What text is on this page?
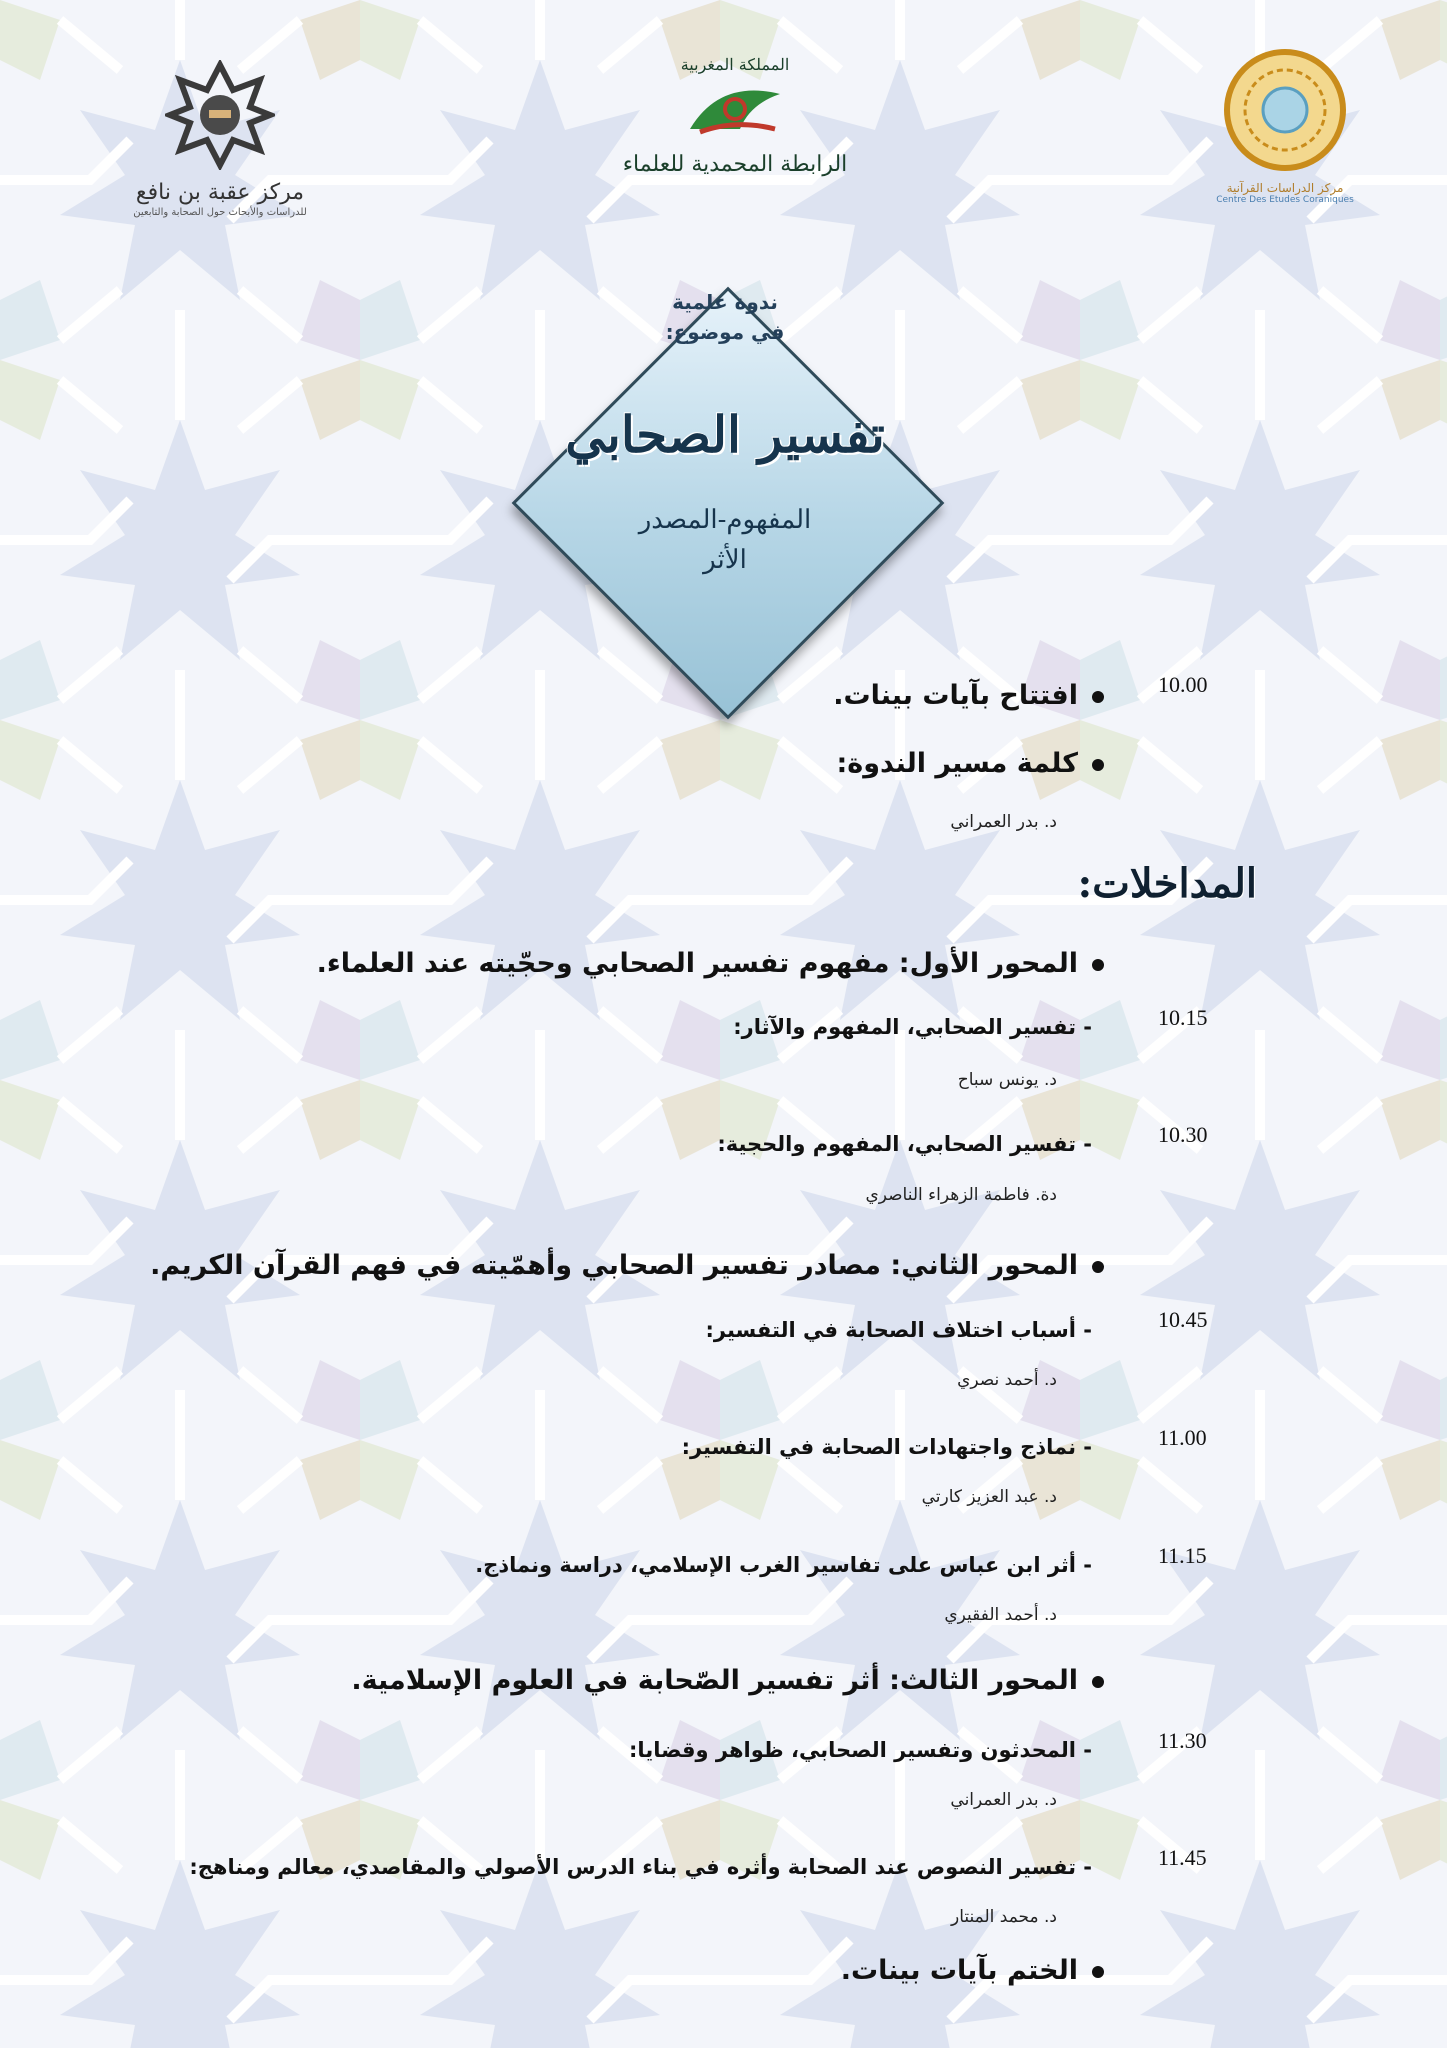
مركز عقبة بن نافع
للدراسات والأبحاث حول الصحابة والتابعين
المملكة المغربية
الرابطة المحمدية للعلماء
مركز الدراسات القرآنية
Centre Des Etudes Coraniques
ندوة علمية
في موضوع:
تفسير الصحابي
المفهوم-المصدر
الأثر
10.00
افتتاح بآيات بينات.
كلمة مسير الندوة:
د. بدر العمراني
المداخلات:
المحور الأول: مفهوم تفسير الصحابي وحجّيته عند العلماء.
10.15
- تفسير الصحابي، المفهوم والآثار:
د. يونس سباح
10.30
- تفسير الصحابي، المفهوم والحجية:
دة. فاطمة الزهراء الناصري
المحور الثاني: مصادر تفسير الصحابي وأهمّيته في فهم القرآن الكريم.
10.45
- أسباب اختلاف الصحابة في التفسير:
د. أحمد نصري
11.00
- نماذج واجتهادات الصحابة في التفسير:
د. عبد العزيز كارتي
11.15
- أثر ابن عباس على تفاسير الغرب الإسلامي، دراسة ونماذج.
د. أحمد الفقيري
المحور الثالث: أثر تفسير الصّحابة في العلوم الإسلامية.
11.30
- المحدثون وتفسير الصحابي، ظواهر وقضايا:
د. بدر العمراني
11.45
- تفسير النصوص عند الصحابة وأثره في بناء الدرس الأصولي والمقاصدي، معالم ومناهج:
د. محمد المنتار
الختم بآيات بينات.
